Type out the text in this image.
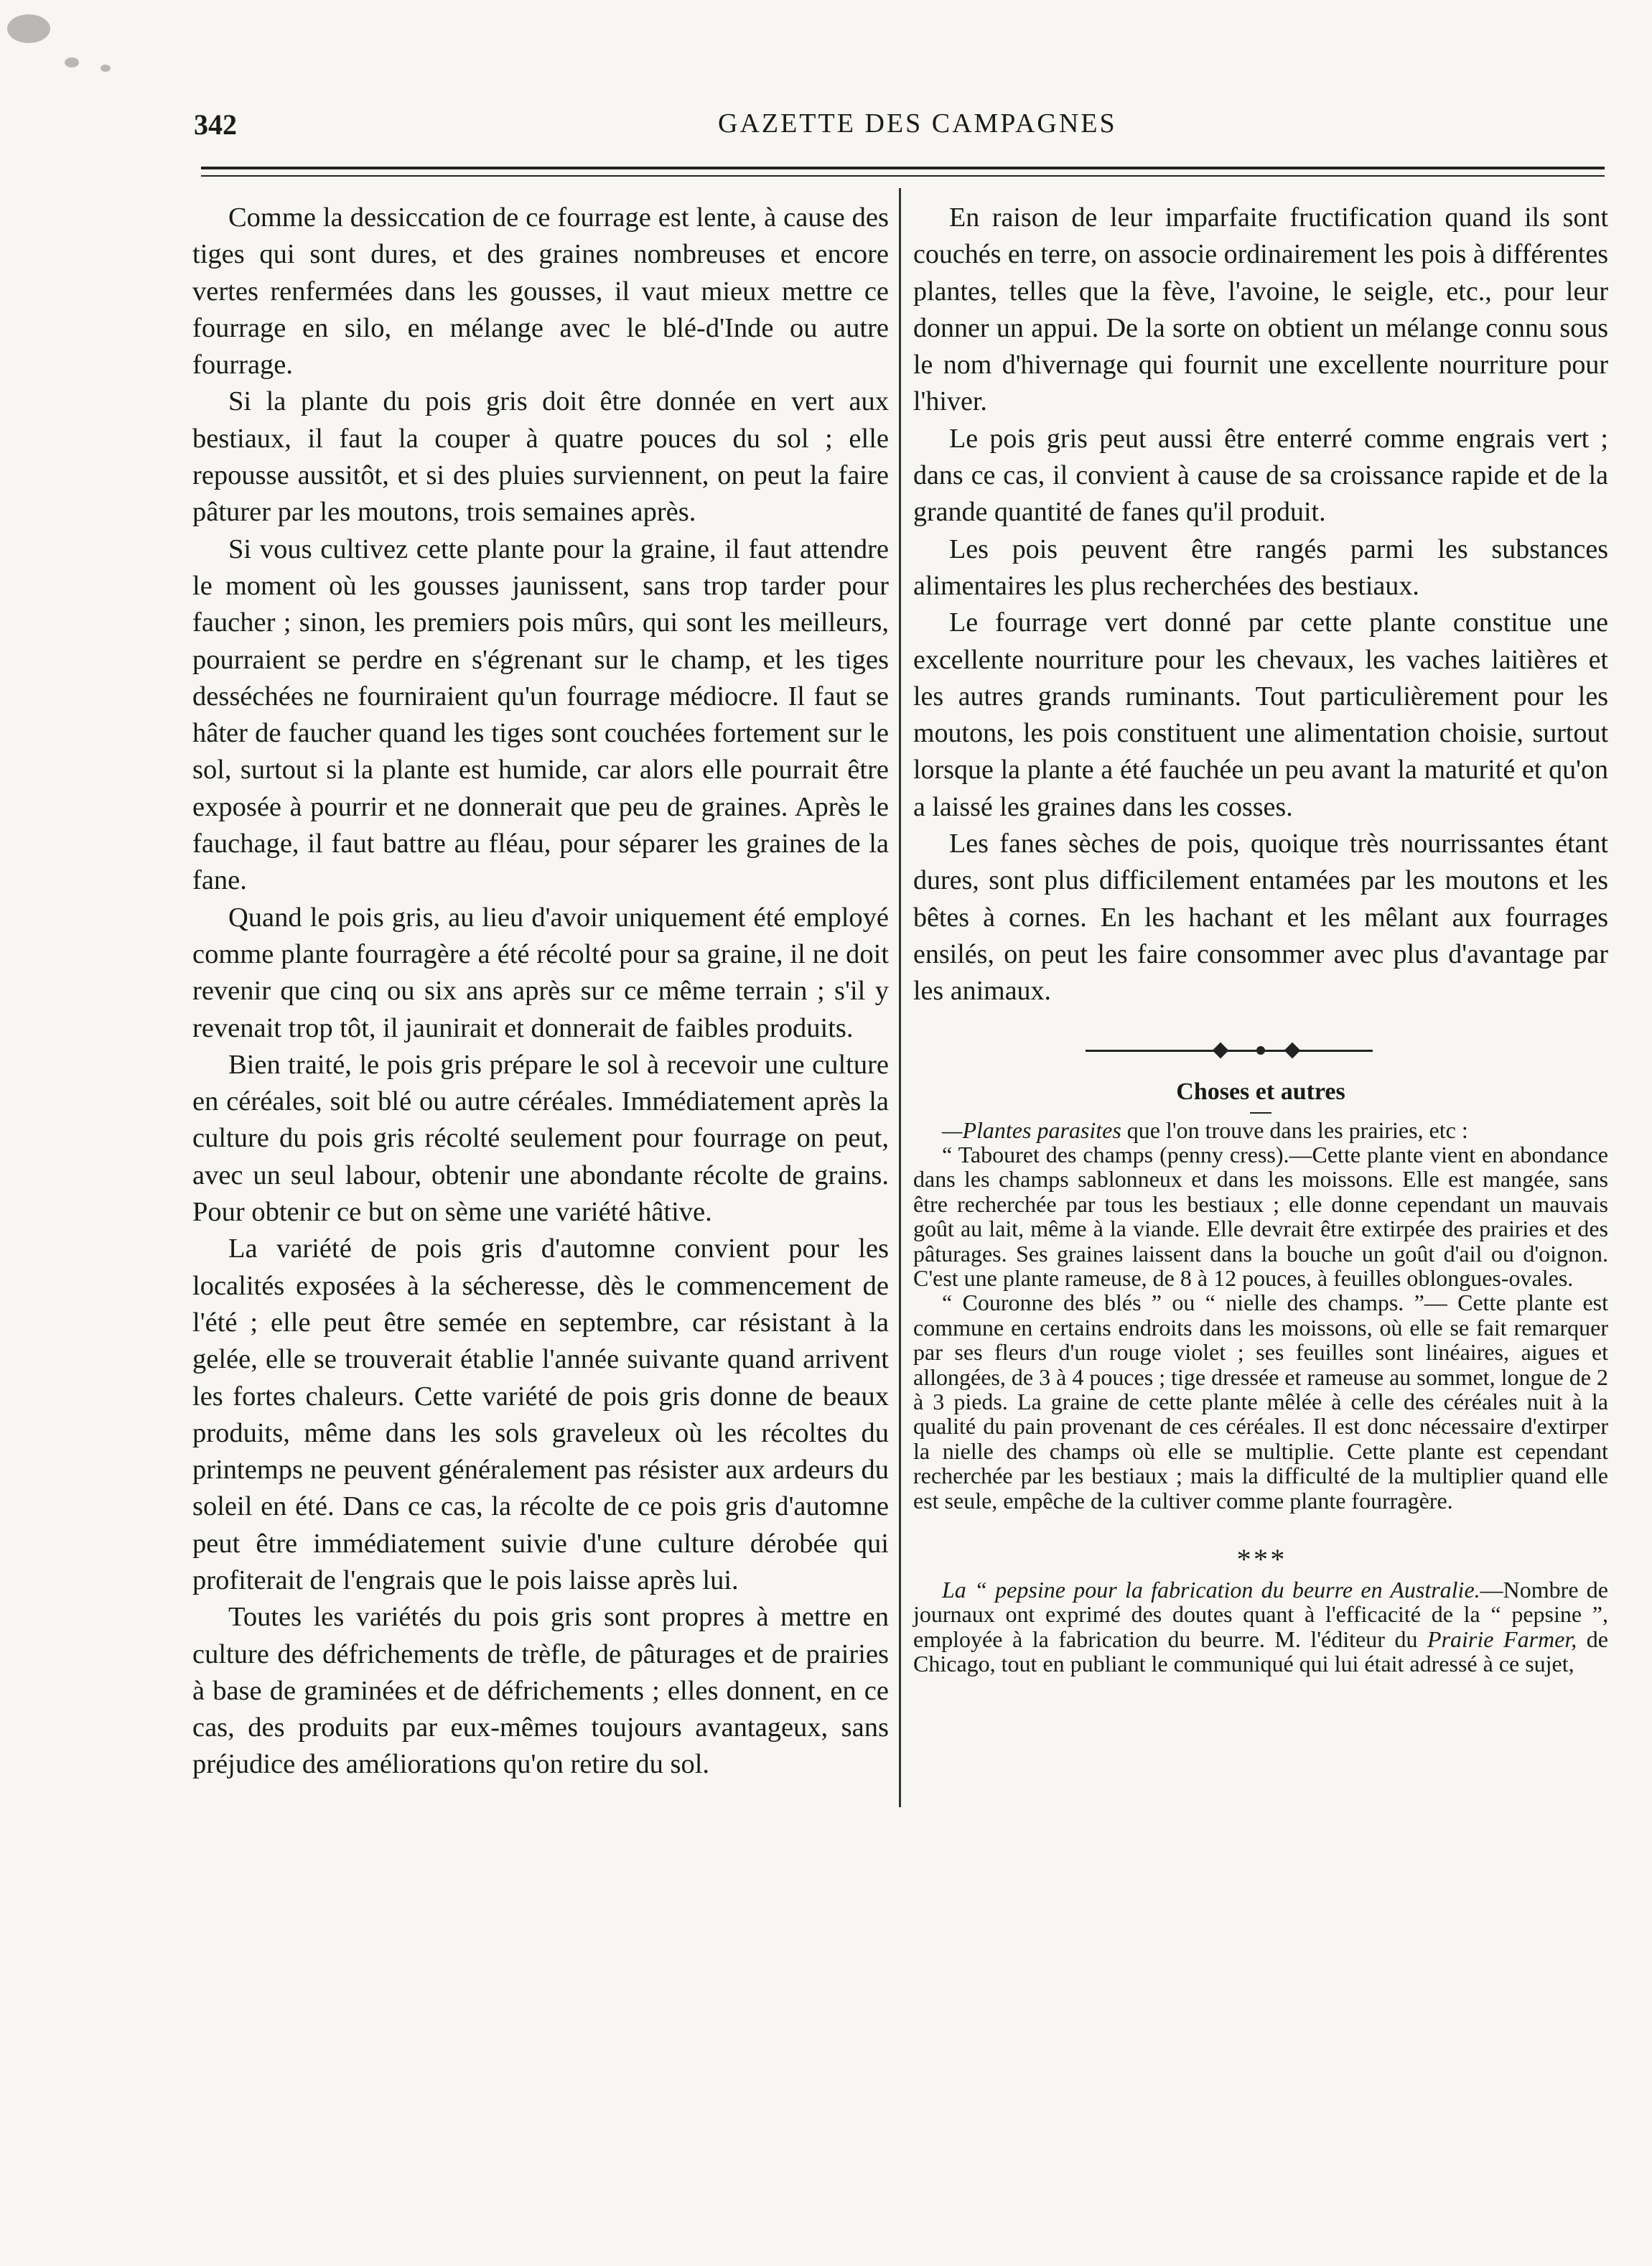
342	GAZETTE DES CAMPAGNES

Comme la dessiccation de ce fourrage est lente, à cause des tiges qui sont dures, et des graines nombreuses et encore vertes renfermées dans les gousses, il vaut mieux mettre ce fourrage en silo, en mélange avec le blé-d'Inde ou autre fourrage.

Si la plante du pois gris doit être donnée en vert aux bestiaux, il faut la couper à quatre pouces du sol ; elle repousse aussitôt, et si des pluies surviennent, on peut la faire pâturer par les moutons, trois semaines après.

Si vous cultivez cette plante pour la graine, il faut attendre le moment où les gousses jaunissent, sans trop tarder pour faucher ; sinon, les premiers pois mûrs, qui sont les meilleurs, pourraient se perdre en s'égrenant sur le champ, et les tiges desséchées ne fourniraient qu'un fourrage médiocre. Il faut se hâter de faucher quand les tiges sont couchées fortement sur le sol, surtout si la plante est humide, car alors elle pourrait être exposée à pourrir et ne donnerait que peu de graines. Après le fauchage, il faut battre au fléau, pour séparer les graines de la fane.

Quand le pois gris, au lieu d'avoir uniquement été employé comme plante fourragère a été récolté pour sa graine, il ne doit revenir que cinq ou six ans après sur ce même terrain ; s'il y revenait trop tôt, il jaunirait et donnerait de faibles produits.

Bien traité, le pois gris prépare le sol à recevoir une culture en céréales, soit blé ou autre céréales. Immédiatement après la culture du pois gris récolté seulement pour fourrage on peut, avec un seul labour, obtenir une abondante récolte de grains. Pour obtenir ce but on sème une variété hâtive.

La variété de pois gris d'automne convient pour les localités exposées à la sécheresse, dès le commencement de l'été ; elle peut être semée en septembre, car résistant à la gelée, elle se trouverait établie l'année suivante quand arrivent les fortes chaleurs. Cette variété de pois gris donne de beaux produits, même dans les sols graveleux où les récoltes du printemps ne peuvent généralement pas résister aux ardeurs du soleil en été. Dans ce cas, la récolte de ce pois gris d'automne peut être immédiatement suivie d'une culture dérobée qui profiterait de l'engrais que le pois laisse après lui.

Toutes les variétés du pois gris sont propres à mettre en culture des défrichements de trèfle, de pâturages et de prairies à base de graminées et de défrichements ; elles donnent, en ce cas, des produits par eux-mêmes toujours avantageux, sans préjudice des améliorations qu'on retire du sol.

En raison de leur imparfaite fructification quand ils sont couchés en terre, on associe ordinairement les pois à différentes plantes, telles que la fève, l'avoine, le seigle, etc., pour leur donner un appui. De la sorte on obtient un mélange connu sous le nom d'hivernage qui fournit une excellente nourriture pour l'hiver.

Le pois gris peut aussi être enterré comme engrais vert ; dans ce cas, il convient à cause de sa croissance rapide et de la grande quantité de fanes qu'il produit.

Les pois peuvent être rangés parmi les substances alimentaires les plus recherchées des bestiaux.

Le fourrage vert donné par cette plante constitue une excellente nourriture pour les chevaux, les vaches laitières et les autres grands ruminants. Tout particulièrement pour les moutons, les pois constituent une alimentation choisie, surtout lorsque la plante a été fauchée un peu avant la maturité et qu'on a laissé les graines dans les cosses.

Les fanes sèches de pois, quoique très nourrissantes étant dures, sont plus difficilement entamées par les moutons et les bêtes à cornes. En les hachant et les mêlant aux fourrages ensilés, on peut les faire consommer avec plus d'avantage par les animaux.

Choses et autres

—Plantes parasites que l'on trouve dans les prairies, etc :

“ Tabouret des champs (penny cress).—Cette plante vient en abondance dans les champs sablonneux et dans les moissons. Elle est mangée, sans être recherchée par tous les bestiaux ; elle donne cependant un mauvais goût au lait, même à la viande. Elle devrait être extirpée des prairies et des pâturages. Ses graines laissent dans la bouche un goût d'ail ou d'oignon. C'est une plante rameuse, de 8 à 12 pouces, à feuilles oblongues-ovales.

“ Couronne des blés ” ou “ nielle des champs. ”— Cette plante est commune en certains endroits dans les moissons, où elle se fait remarquer par ses fleurs d'un rouge violet ; ses feuilles sont linéaires, aigues et allongées, de 3 à 4 pouces ; tige dressée et rameuse au sommet, longue de 2 à 3 pieds. La graine de cette plante mêlée à celle des céréales nuit à la qualité du pain provenant de ces céréales. Il est donc nécessaire d'extirper la nielle des champs où elle se multiplie. Cette plante est cependant recherchée par les bestiaux ; mais la difficulté de la multiplier quand elle est seule, empêche de la cultiver comme plante fourragère.

* * *

La “ pepsine pour la fabrication du beurre en Australie.—Nombre de journaux ont exprimé des doutes quant à l'efficacité de la “ pepsine ”, employée à la fabrication du beurre. M. l'éditeur du Prairie Farmer, de Chicago, tout en publiant le communiqué qui lui était adressé à ce sujet,
